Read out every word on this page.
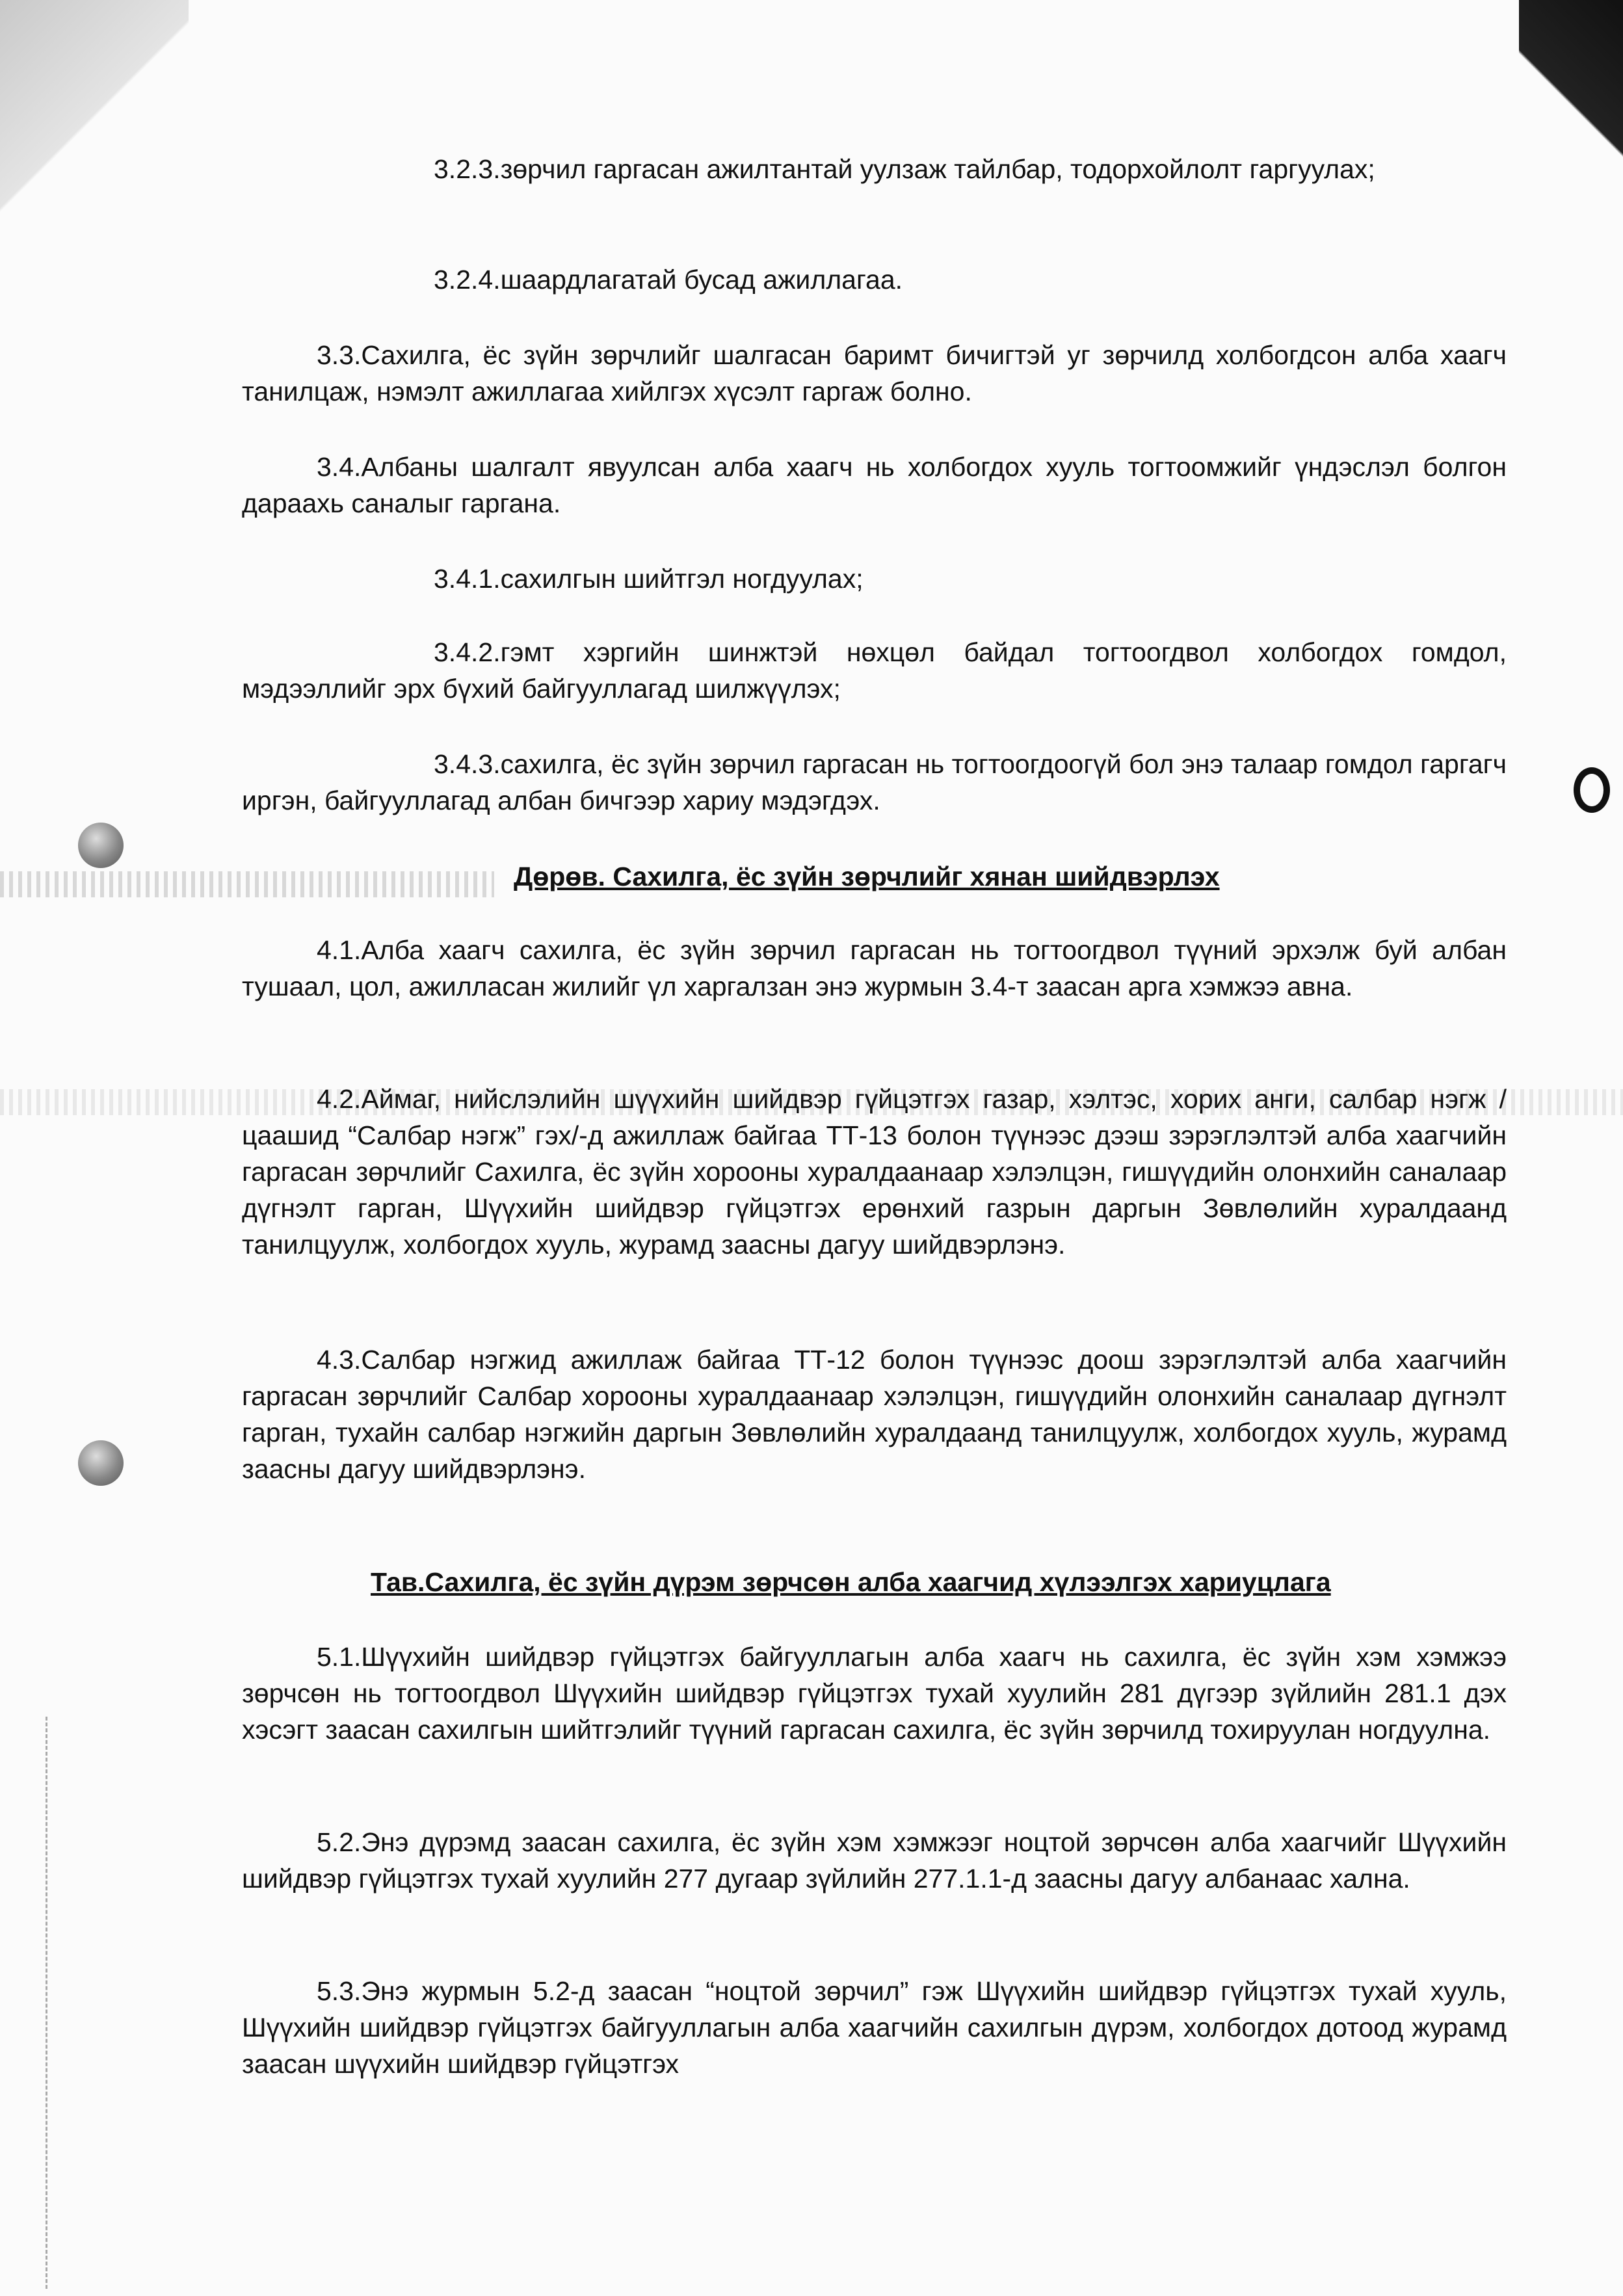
3.2.3.зөрчил гаргасан ажилтантай уулзаж тайлбар, тодорхойлолт гаргуулах;

3.2.4.шаардлагатай бусад ажиллагаа.

3.3.Сахилга, ёс зүйн зөрчлийг шалгасан баримт бичигтэй уг зөрчилд холбогдсон алба хаагч танилцаж, нэмэлт ажиллагаа хийлгэх хүсэлт гаргаж болно.

3.4.Албаны шалгалт явуулсан алба хаагч нь холбогдох хууль тогтоомжийг үндэслэл болгон дараахь саналыг гаргана.

3.4.1.сахилгын шийтгэл ногдуулах;

3.4.2.гэмт хэргийн шинжтэй нөхцөл байдал тогтоогдвол холбогдох гомдол, мэдээллийг эрх бүхий байгууллагад шилжүүлэх;

3.4.3.сахилга, ёс зүйн зөрчил гаргасан нь тогтоогдоогүй бол энэ талаар гомдол гаргагч иргэн, байгууллагад албан бичгээр хариу мэдэгдэх.

Дөрөв. Сахилга, ёс зүйн зөрчлийг хянан шийдвэрлэх

4.1.Алба хаагч сахилга, ёс зүйн зөрчил гаргасан нь тогтоогдвол түүний эрхэлж буй албан тушаал, цол, ажилласан жилийг үл харгалзан энэ журмын 3.4-т заасан арга хэмжээ авна.

4.2.Аймаг, нийслэлийн шүүхийн шийдвэр гүйцэтгэх газар, хэлтэс, хорих анги, салбар нэгж /цаашид “Салбар нэгж” гэх/-д ажиллаж байгаа ТТ-13 болон түүнээс дээш зэрэглэлтэй алба хаагчийн гаргасан зөрчлийг Сахилга, ёс зүйн хорооны хуралдаанаар хэлэлцэн, гишүүдийн олонхийн саналаар дүгнэлт гарган, Шүүхийн шийдвэр гүйцэтгэх ерөнхий газрын даргын Зөвлөлийн хуралдаанд танилцуулж, холбогдох хууль, журамд заасны дагуу шийдвэрлэнэ.

4.3.Салбар нэгжид ажиллаж байгаа ТТ-12 болон түүнээс доош зэрэглэлтэй алба хаагчийн гаргасан зөрчлийг Салбар хорооны хуралдаанаар хэлэлцэн, гишүүдийн олонхийн саналаар дүгнэлт гарган, тухайн салбар нэгжийн даргын Зөвлөлийн хуралдаанд танилцуулж, холбогдох хууль, журамд заасны дагуу шийдвэрлэнэ.

Тав.Сахилга, ёс зүйн дүрэм зөрчсөн алба хаагчид хүлээлгэх хариуцлага

5.1.Шүүхийн шийдвэр гүйцэтгэх байгууллагын алба хаагч нь сахилга, ёс зүйн хэм хэмжээ зөрчсөн нь тогтоогдвол Шүүхийн шийдвэр гүйцэтгэх тухай хуулийн 281 дүгээр зүйлийн 281.1 дэх хэсэгт заасан сахилгын шийтгэлийг түүний гаргасан сахилга, ёс зүйн зөрчилд тохируулан ногдуулна.

5.2.Энэ дүрэмд заасан сахилга, ёс зүйн хэм хэмжээг ноцтой зөрчсөн алба хаагчийг Шүүхийн шийдвэр гүйцэтгэх тухай хуулийн 277 дугаар зүйлийн 277.1.1-д заасны дагуу албанаас хална.

5.3.Энэ журмын 5.2-д заасан “ноцтой зөрчил” гэж Шүүхийн шийдвэр гүйцэтгэх тухай хууль, Шүүхийн шийдвэр гүйцэтгэх байгууллагын алба хаагчийн сахилгын дүрэм, холбогдох дотоод журамд заасан шүүхийн шийдвэр гүйцэтгэх
